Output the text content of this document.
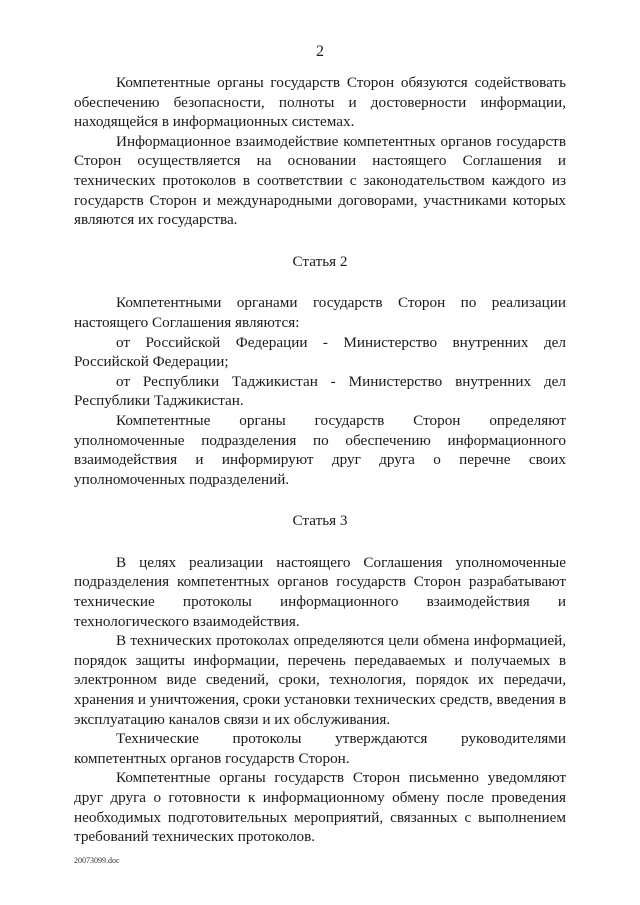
2

Компетентные органы государств Сторон обязуются содействовать обеспечению безопасности, полноты и достоверности информации, находящейся в информационных системах.

Информационное взаимодействие компетентных органов государств Сторон осуществляется на основании настоящего Соглашения и технических протоколов в соответствии с законодательством каждого из государств Сторон и международными договорами, участниками которых являются их государства.

Статья 2

Компетентными органами государств Сторон по реализации настоящего Соглашения являются:

от Российской Федерации - Министерство внутренних дел Российской Федерации;

от Республики Таджикистан - Министерство внутренних дел Республики Таджикистан.

Компетентные органы государств Сторон определяют уполномоченные подразделения по обеспечению информационного взаимодействия и информируют друг друга о перечне своих уполномоченных подразделений.

Статья 3

В целях реализации настоящего Соглашения уполномоченные подразделения компетентных органов государств Сторон разрабатывают технические протоколы информационного взаимодействия и технологического взаимодействия.

В технических протоколах определяются цели обмена информацией, порядок защиты информации, перечень передаваемых и получаемых в электронном виде сведений, сроки, технология, порядок их передачи, хранения и уничтожения, сроки установки технических средств, введения в эксплуатацию каналов связи и их обслуживания.

Технические протоколы утверждаются руководителями компетентных органов государств Сторон.

Компетентные органы государств Сторон письменно уведомляют друг друга о готовности к информационному обмену после проведения необходимых подготовительных мероприятий, связанных с выполнением требований технических протоколов.

20073099.doc
